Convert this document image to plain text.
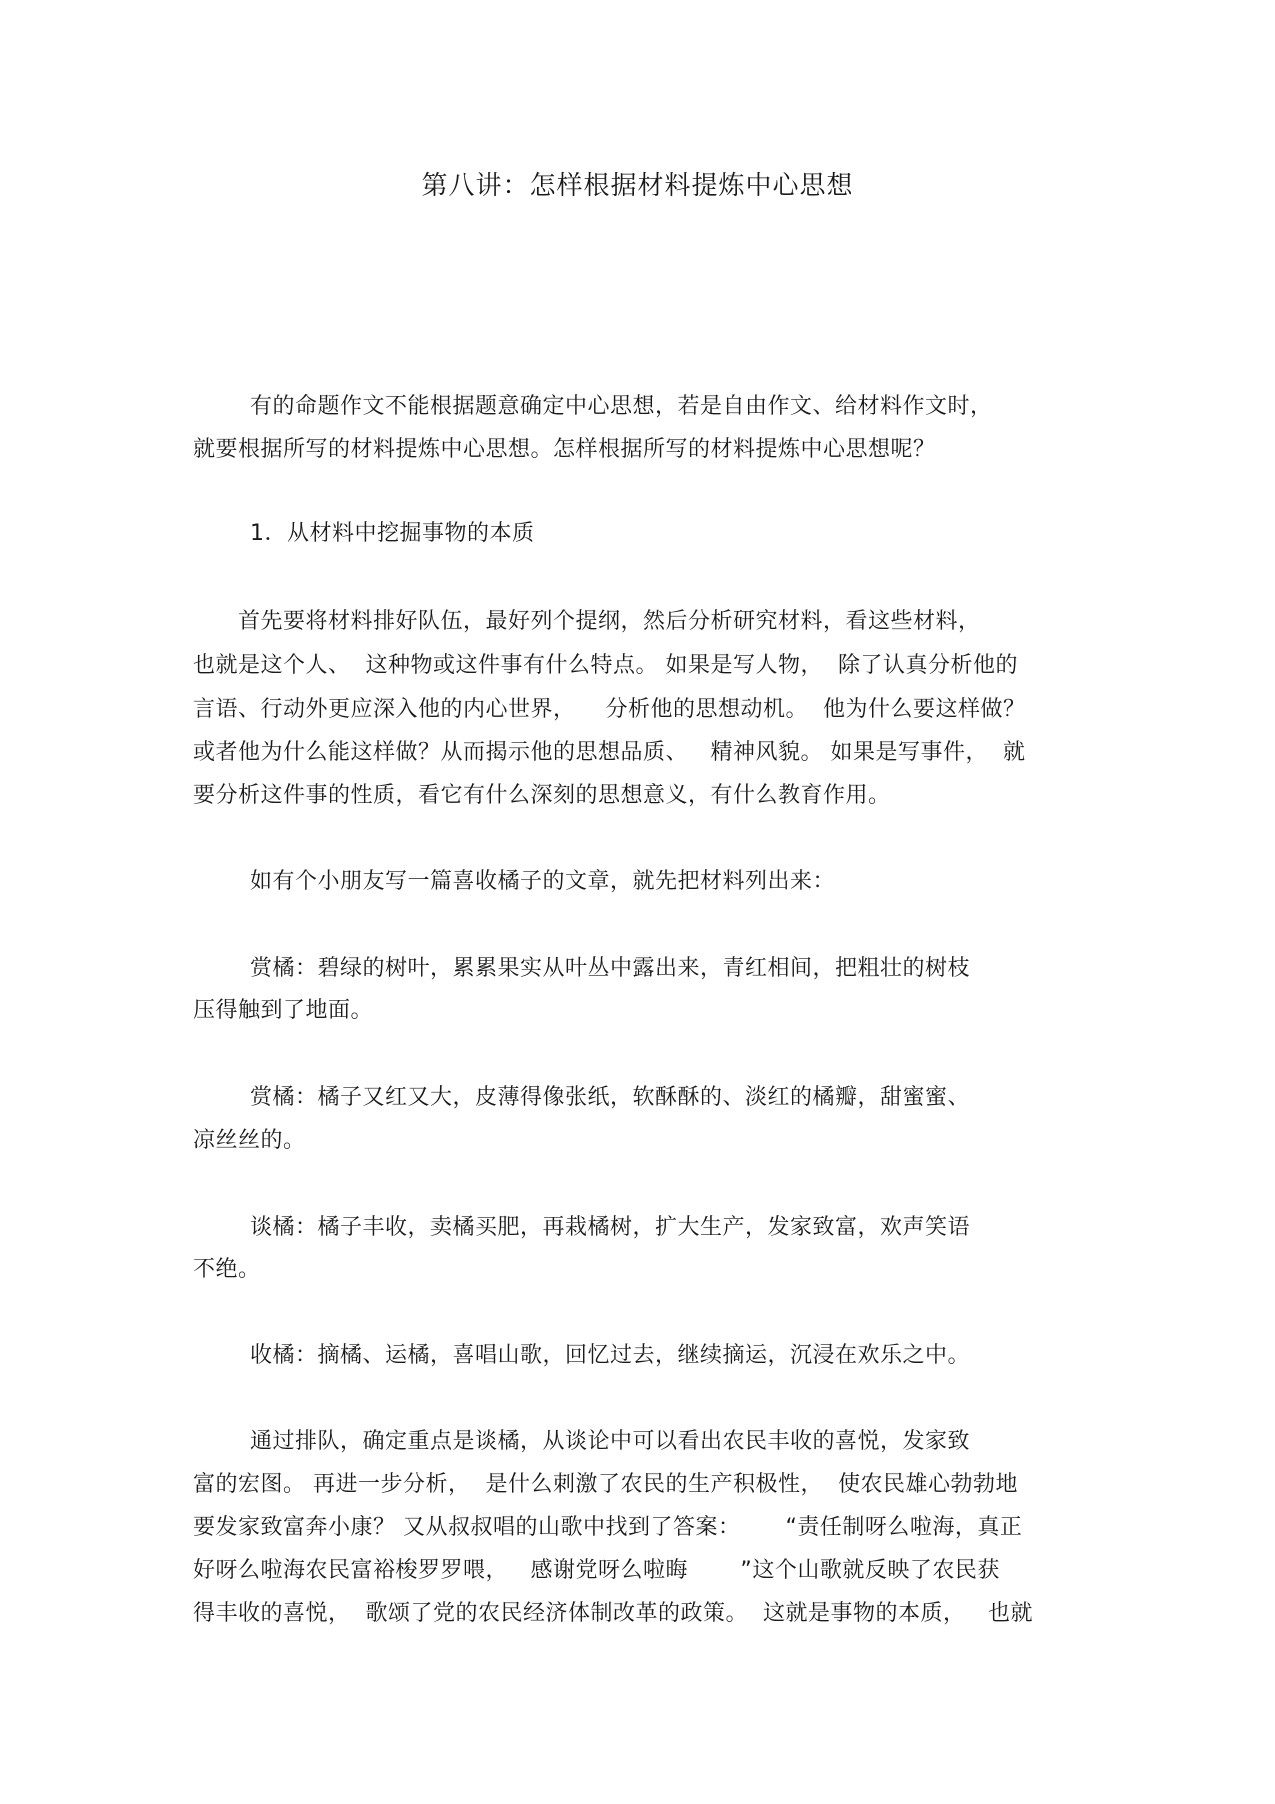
第八讲：怎样根据材料提炼中心思想
有的命题作文不能根据题意确定中心思想，若是自由作文、给材料作文时，
就要根据所写的材料提炼中心思想。怎样根据所写的材料提炼中心思想呢？
1．从材料中挖掘事物的本质
首先要将材料排好队伍，最好列个提纲，然后分析研究材料，看这些材料，
也就是这个人、  这种物或这件事有什么特点。 如果是写人物，  除了认真分析他的
言语、行动外更应深入他的内心世界，    分析他的思想动机。  他为什么要这样做？
或者他为什么能这样做？从而揭示他的思想品质、   精神风貌。 如果是写事件，  就
要分析这件事的性质，看它有什么深刻的思想意义，有什么教育作用。
如有个小朋友写一篇喜收橘子的文章，就先把材料列出来：
赏橘：碧绿的树叶，累累果实从叶丛中露出来，青红相间，把粗壮的树枝
压得触到了地面。
赏橘：橘子又红又大，皮薄得像张纸，软酥酥的、淡红的橘瓣，甜蜜蜜、
凉丝丝的。
谈橘：橘子丰收，卖橘买肥，再栽橘树，扩大生产，发家致富，欢声笑语
不绝。
收橘：摘橘、运橘，喜唱山歌，回忆过去，继续摘运，沉浸在欢乐之中。
通过排队，确定重点是谈橘，从谈论中可以看出农民丰收的喜悦，发家致
富的宏图。 再进一步分析，  是什么刺激了农民的生产积极性，  使农民雄心勃勃地
要发家致富奔小康？ 又从叔叔唱的山歌中找到了答案：      “责任制呀么啦海，真正
好呀么啦海农民富裕梭罗罗喂，   感谢党呀么啦晦       ”这个山歌就反映了农民获
得丰收的喜悦，  歌颂了党的农民经济体制改革的政策。  这就是事物的本质，   也就
